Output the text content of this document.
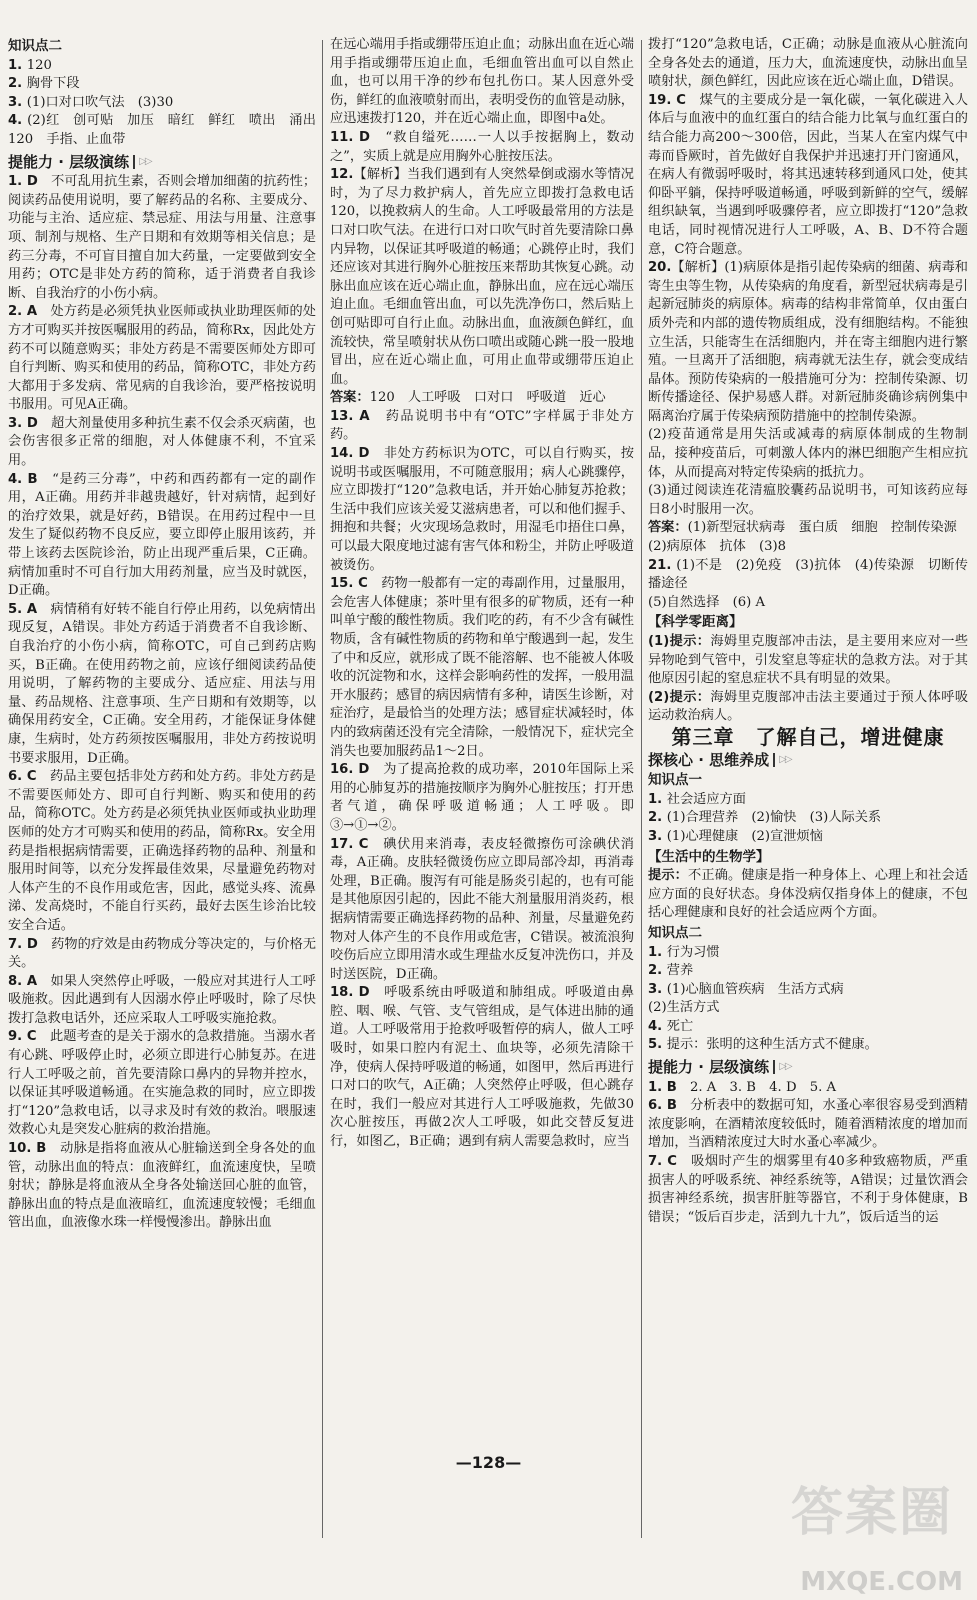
知识点二
1. 120
2. 胸骨下段
3. (1)口对口吹气法　(3)30
4. (2)红　创可贴　加压　暗红　鲜红　喷出　涌出　120　手指、止血带
提能力 · 层级演练 ▷▷
1. D　不可乱用抗生素，否则会增加细菌的抗药性；阅读药品使用说明，要了解药品的名称、主要成分、功能与主治、适应症、禁忌症、用法与用量、注意事项、制剂与规格、生产日期和有效期等相关信息；是药三分毒，不可盲目擅自加大药量，一定要做到安全用药；OTC是非处方药的简称，适于消费者自我诊断、自我治疗的小伤小病。
2. A　处方药是必须凭执业医师或执业助理医师的处方才可购买并按医嘱服用的药品，简称Rx，因此处方药不可以随意购买；非处方药是不需要医师处方即可自行判断、购买和使用的药品，简称OTC，非处方药大都用于多发病、常见病的自我诊治，要严格按说明书服用。可见A正确。
3. D　超大剂量使用多种抗生素不仅会杀灭病菌，也会伤害很多正常的细胞，对人体健康不利，不宜采用。
4. B　“是药三分毒”，中药和西药都有一定的副作用，A正确。用药并非越贵越好，针对病情，起到好的治疗效果，就是好药，B错误。在用药过程中一旦发生了疑似药物不良反应，要立即停止服用该药，并带上该药去医院诊治，防止出现严重后果，C正确。病情加重时不可自行加大用药剂量，应当及时就医，D正确。
5. A　病情稍有好转不能自行停止用药，以免病情出现反复，A错误。非处方药适于消费者不自我诊断、自我治疗的小伤小病，简称OTC，可自己到药店购买，B正确。在使用药物之前，应该仔细阅读药品使用说明，了解药物的主要成分、适应症、用法与用量、药品规格、注意事项、生产日期和有效期等，以确保用药安全，C正确。安全用药，才能保证身体健康，生病时，处方药须按医嘱服用，非处方药按说明书要求服用，D正确。
6. C　药品主要包括非处方药和处方药。非处方药是不需要医师处方、即可自行判断、购买和使用的药品，简称OTC。处方药是必须凭执业医师或执业助理医师的处方才可购买和使用的药品，简称Rx。安全用药是指根据病情需要，正确选择药物的品种、剂量和服用时间等，以充分发挥最佳效果，尽量避免药物对人体产生的不良作用或危害，因此，感觉头疼、流鼻涕、发高烧时，不能自行买药，最好去医生诊治比较安全合适。
7. D　药物的疗效是由药物成分等决定的，与价格无关。
8. A　如果人突然停止呼吸，一般应对其进行人工呼吸施救。因此遇到有人因溺水停止呼吸时，除了尽快拨打急救电话外，还应采取人工呼吸实施抢救。
9. C　此题考查的是关于溺水的急救措施。当溺水者有心跳、呼吸停止时，必须立即进行心肺复苏。在进行人工呼吸之前，首先要清除口鼻内的异物并控水，以保证其呼吸道畅通。在实施急救的同时，应立即拨打“120”急救电话，以寻求及时有效的救治。喂服速效救心丸是突发心脏病的救治措施。
10. B　动脉是指将血液从心脏输送到全身各处的血管，动脉出血的特点：血液鲜红，血流速度快，呈喷射状；静脉是将血液从全身各处输送回心脏的血管，静脉出血的特点是血液暗红，血流速度较慢；毛细血管出血，血液像水珠一样慢慢渗出。静脉出血
在远心端用手指或绷带压迫止血；动脉出血在近心端用手指或绷带压迫止血，毛细血管出血可以自然止血，也可以用干净的纱布包扎伤口。某人因意外受伤，鲜红的血液喷射而出，表明受伤的血管是动脉，应迅速拨打120，并在近心端止血，即图中a处。
11. D　“救自缢死……一人以手按据胸上，数动之”，实质上就是应用胸外心脏按压法。
12.【解析】当我们遇到有人突然晕倒或溺水等情况时，为了尽力救护病人，首先应立即拨打急救电话120，以挽救病人的生命。人工呼吸最常用的方法是口对口吹气法。在进行口对口吹气时首先要清除口鼻内异物，以保证其呼吸道的畅通；心跳停止时，我们还应该对其进行胸外心脏按压来帮助其恢复心跳。动脉出血应该在近心端止血，静脉出血，应在远心端压迫止血。毛细血管出血，可以先洗净伤口，然后贴上创可贴即可自行止血。动脉出血，血液颜色鲜红，血流较快，常呈喷射状从伤口喷出或随心跳一股一股地冒出，应在近心端止血，可用止血带或绷带压迫止血。
答案：120　人工呼吸　口对口　呼吸道　近心
13. A　药品说明书中有“OTC”字样属于非处方药。
14. D　非处方药标识为OTC，可以自行购买，按说明书或医嘱服用，不可随意服用；病人心跳骤停，应立即拨打“120”急救电话，并开始心肺复苏抢救；生活中我们应该关爱艾滋病患者，可以和他们握手、拥抱和共餐；火灾现场急救时，用湿毛巾捂住口鼻，可以最大限度地过滤有害气体和粉尘，并防止呼吸道被烫伤。
15. C　药物一般都有一定的毒副作用，过量服用，会危害人体健康；茶叶里有很多的矿物质，还有一种叫单宁酸的酸性物质。我们吃的药，有不少含有碱性物质，含有碱性物质的药物和单宁酸遇到一起，发生了中和反应，就形成了既不能溶解、也不能被人体吸收的沉淀物和水，这样会影响药性的发挥，一般用温开水服药；感冒的病因病情有多种，请医生诊断，对症治疗，是最恰当的处理方法；感冒症状减轻时，体内的致病菌还没有完全清除，一般情况下，症状完全消失也要加服药品1～2日。
16. D　为了提高抢救的成功率，2010年国际上采用的心肺复苏的措施按顺序为胸外心脏按压；打开患者气道，确保呼吸道畅通；人工呼吸。即③→①→②。
17. C　碘伏用来消毒，表皮轻微擦伤可涂碘伏消毒，A正确。皮肤轻微烫伤应立即局部冷却，再消毒处理，B正确。腹泻有可能是肠炎引起的，也有可能是其他原因引起的，因此不能大剂量服用消炎药，根据病情需要正确选择药物的品种、剂量，尽量避免药物对人体产生的不良作用或危害，C错误。被流浪狗咬伤后应立即用清水或生理盐水反复冲洗伤口，并及时送医院，D正确。
18. D　呼吸系统由呼吸道和肺组成。呼吸道由鼻腔、咽、喉、气管、支气管组成，是气体进出肺的通道。人工呼吸常用于抢救呼吸暂停的病人，做人工呼吸时，如果口腔内有泥土、血块等，必须先清除干净，使病人保持呼吸道的畅通，如图甲，然后再进行口对口的吹气，A正确；人突然停止呼吸，但心跳存在时，我们一般应对其进行人工呼吸施救，先做30次心脏按压，再做2次人工呼吸，如此交替反复进行，如图乙，B正确；遇到有病人需要急救时，应当
拨打“120”急救电话，C正确；动脉是血液从心脏流向全身各处去的通道，压力大，血流速度快，动脉出血呈喷射状，颜色鲜红，因此应该在近心端止血，D错误。
19. C　煤气的主要成分是一氧化碳，一氧化碳进入人体后与血液中的血红蛋白的结合能力比氧与血红蛋白的结合能力高200～300倍，因此，当某人在室内煤气中毒而昏厥时，首先做好自我保护并迅速打开门窗通风，在病人有微弱呼吸时，将其迅速转移到通风口处，使其仰卧平躺，保持呼吸道畅通，呼吸到新鲜的空气，缓解组织缺氧，当遇到呼吸骤停者，应立即拨打“120”急救电话，同时视情况进行人工呼吸，A、B、D不符合题意，C符合题意。
20.【解析】(1)病原体是指引起传染病的细菌、病毒和寄生虫等生物，从传染病的角度看，新型冠状病毒是引起新冠肺炎的病原体。病毒的结构非常简单，仅由蛋白质外壳和内部的遗传物质组成，没有细胞结构。不能独立生活，只能寄生在活细胞内，并在寄主细胞内进行繁殖。一旦离开了活细胞，病毒就无法生存，就会变成结晶体。预防传染病的一般措施可分为：控制传染源、切断传播途径、保护易感人群。对新冠肺炎确诊病例集中隔离治疗属于传染病预防措施中的控制传染源。
(2)疫苗通常是用失活或减毒的病原体制成的生物制品，接种疫苗后，可刺激人体内的淋巴细胞产生相应抗体，从而提高对特定传染病的抵抗力。
(3)通过阅读连花清瘟胶囊药品说明书，可知该药应每日8小时服用一次。
答案：(1)新型冠状病毒　蛋白质　细胞　控制传染源
(2)病原体　抗体　(3)8
21. (1)不是　(2)免疫　(3)抗体　(4)传染源　切断传播途径
(5)自然选择　(6) A
【科学零距离】
(1)提示：海姆里克腹部冲击法，是主要用来应对一些异物呛到气管中，引发窒息等症状的急救方法。对于其他原因引起的窒息症状不具有明显的效果。
(2)提示：海姆里克腹部冲击法主要通过于预人体呼吸运动救治病人。
第三章　了解自己，增进健康
探核心 · 思维养成 ▷▷
知识点一
1. 社会适应方面
2. (1)合理营养　(2)愉快　(3)人际关系
3. (1)心理健康　(2)宣泄烦恼
【生活中的生物学】
提示：不正确。健康是指一种身体上、心理上和社会适应方面的良好状态。身体没病仅指身体上的健康，不包括心理健康和良好的社会适应两个方面。
知识点二
1. 行为习惯
2. 营养
3. (1)心脑血管疾病　生活方式病
(2)生活方式
4. 死亡
5. 提示：张明的这种生活方式不健康。
提能力 · 层级演练 ▷▷
1. B　2. A　3. B　4. D　5. A
6. B　分析表中的数据可知，水蚤心率很容易受到酒精浓度影响，在酒精浓度较低时，随着酒精浓度的增加而增加，当酒精浓度过大时水蚤心率减少。
7. C　吸烟时产生的烟雾里有40多种致癌物质，严重损害人的呼吸系统、神经系统等，A错误；过量饮酒会损害神经系统，损害肝脏等器官，不利于身体健康，B错误；“饭后百步走，活到九十九”，饭后适当的运
—128—
答案圈
MXQE.COM
